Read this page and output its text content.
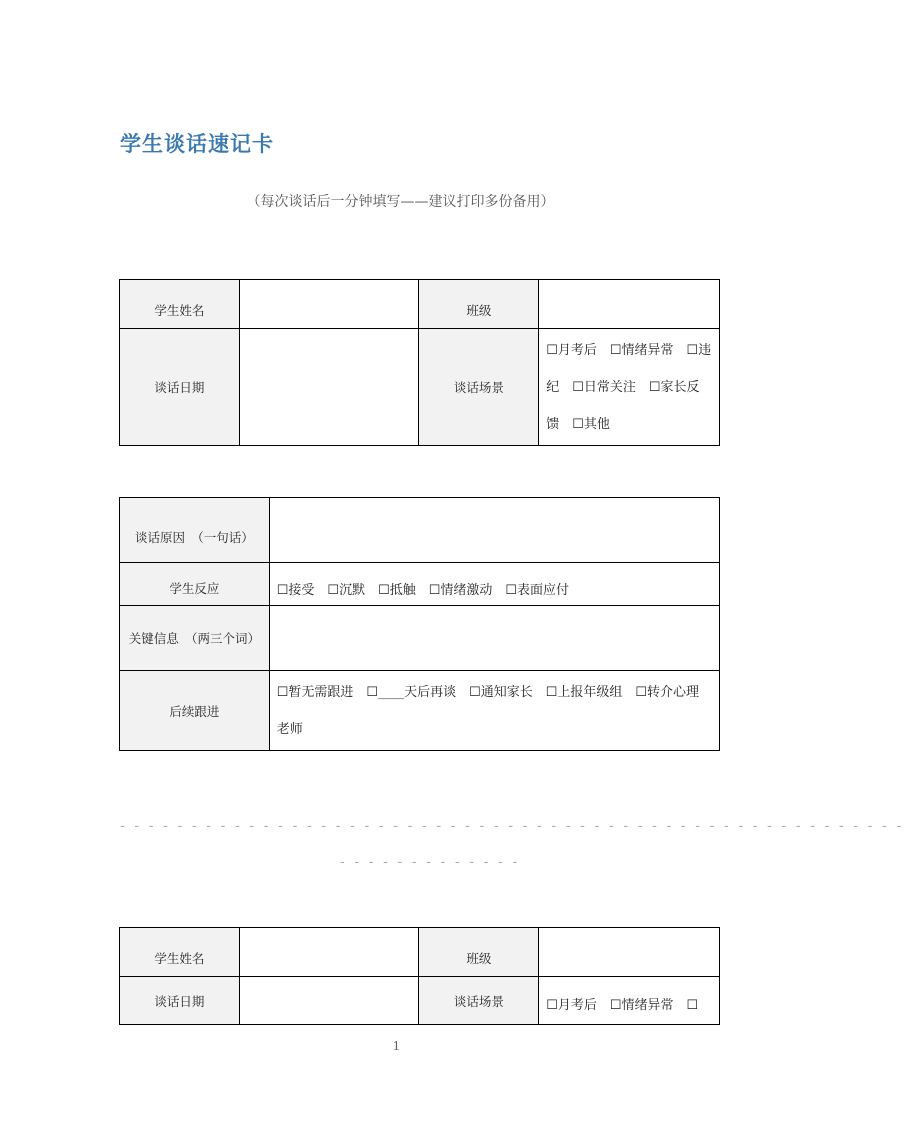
学生谈话速记卡
（每次谈话后一分钟填写——建议打印多份备用）
学生姓名		班级	
谈话日期		谈话场景	☐月考后　☐情绪异常　☐违纪　☐日常关注　☐家长反馈　☐其他
谈话原因　（一句话）	
学生反应	☐接受　☐沉默　☐抵触　☐情绪激动　☐表面应付
关键信息　（两三个词）	
后续跟进	☐暂无需跟进　☐____天后再谈　☐通知家长　☐上报年级组　☐转介心理老师
- - - - - - - - - - - - - - - - - - - - - - - - - - - - - - - - - - - - - - - - - - - - - - - - - - - - - - -
- - - - - - - - - - - - -
学生姓名		班级	
谈话日期		谈话场景	☐月考后　☐情绪异常　☐
1
